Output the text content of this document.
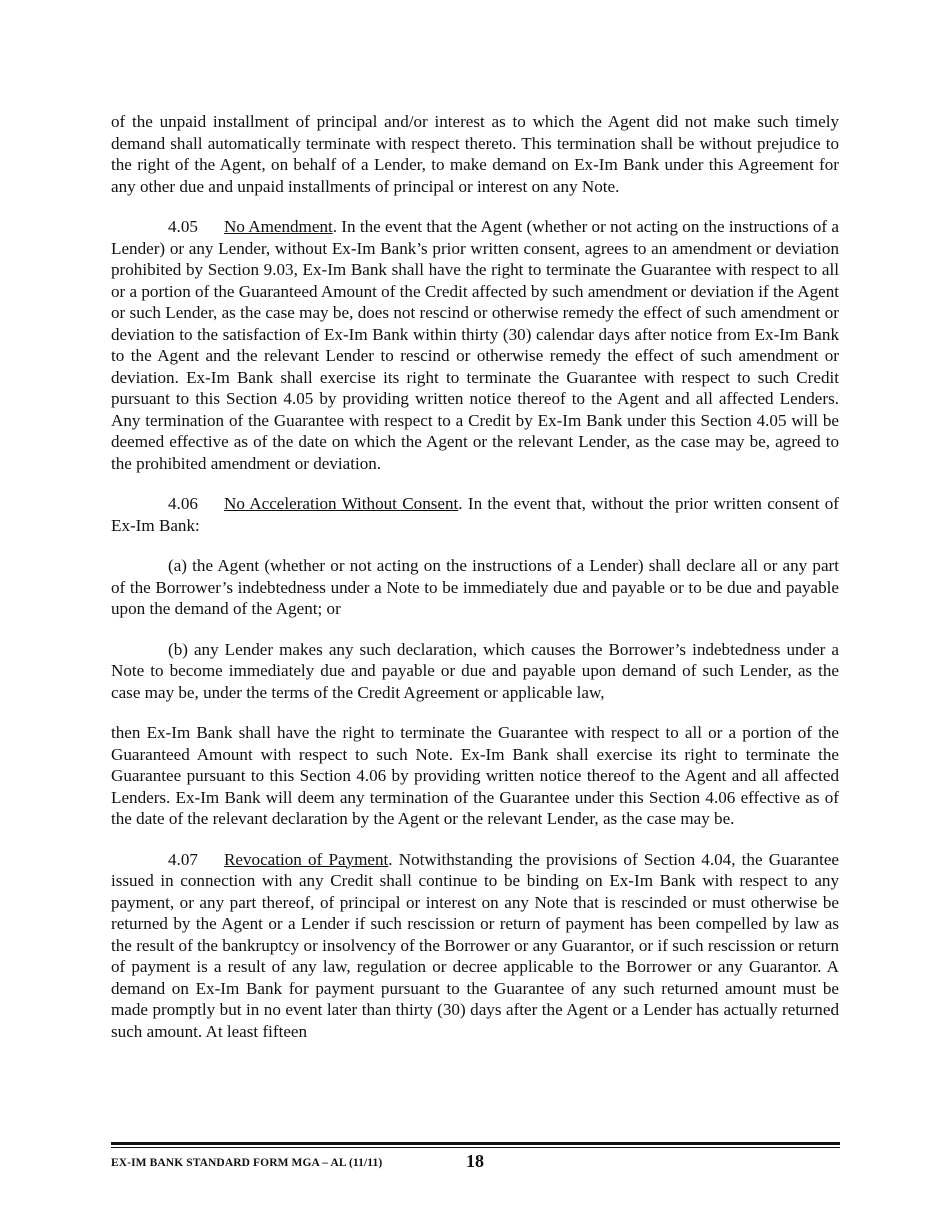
of the unpaid installment of principal and/or interest as to which the Agent did not make such timely demand shall automatically terminate with respect thereto. This termination shall be without prejudice to the right of the Agent, on behalf of a Lender, to make demand on Ex-Im Bank under this Agreement for any other due and unpaid installments of principal or interest on any Note.

4.05 No Amendment. In the event that the Agent (whether or not acting on the instructions of a Lender) or any Lender, without Ex-Im Bank’s prior written consent, agrees to an amendment or deviation prohibited by Section 9.03, Ex-Im Bank shall have the right to terminate the Guarantee with respect to all or a portion of the Guaranteed Amount of the Credit affected by such amendment or deviation if the Agent or such Lender, as the case may be, does not rescind or otherwise remedy the effect of such amendment or deviation to the satisfaction of Ex-Im Bank within thirty (30) calendar days after notice from Ex-Im Bank to the Agent and the relevant Lender to rescind or otherwise remedy the effect of such amendment or deviation. Ex-Im Bank shall exercise its right to terminate the Guarantee with respect to such Credit pursuant to this Section 4.05 by providing written notice thereof to the Agent and all affected Lenders. Any termination of the Guarantee with respect to a Credit by Ex-Im Bank under this Section 4.05 will be deemed effective as of the date on which the Agent or the relevant Lender, as the case may be, agreed to the prohibited amendment or deviation.

4.06 No Acceleration Without Consent. In the event that, without the prior written consent of Ex-Im Bank:

(a) the Agent (whether or not acting on the instructions of a Lender) shall declare all or any part of the Borrower’s indebtedness under a Note to be immediately due and payable or to be due and payable upon the demand of the Agent; or

(b) any Lender makes any such declaration, which causes the Borrower’s indebtedness under a Note to become immediately due and payable or due and payable upon demand of such Lender, as the case may be, under the terms of the Credit Agreement or applicable law,

then Ex-Im Bank shall have the right to terminate the Guarantee with respect to all or a portion of the Guaranteed Amount with respect to such Note. Ex-Im Bank shall exercise its right to terminate the Guarantee pursuant to this Section 4.06 by providing written notice thereof to the Agent and all affected Lenders. Ex-Im Bank will deem any termination of the Guarantee under this Section 4.06 effective as of the date of the relevant declaration by the Agent or the relevant Lender, as the case may be.

4.07 Revocation of Payment. Notwithstanding the provisions of Section 4.04, the Guarantee issued in connection with any Credit shall continue to be binding on Ex-Im Bank with respect to any payment, or any part thereof, of principal or interest on any Note that is rescinded or must otherwise be returned by the Agent or a Lender if such rescission or return of payment has been compelled by law as the result of the bankruptcy or insolvency of the Borrower or any Guarantor, or if such rescission or return of payment is a result of any law, regulation or decree applicable to the Borrower or any Guarantor. A demand on Ex-Im Bank for payment pursuant to the Guarantee of any such returned amount must be made promptly but in no event later than thirty (30) days after the Agent or a Lender has actually returned such amount. At least fifteen

EX-IM BANK STANDARD FORM MGA – AL (11/11)	18
